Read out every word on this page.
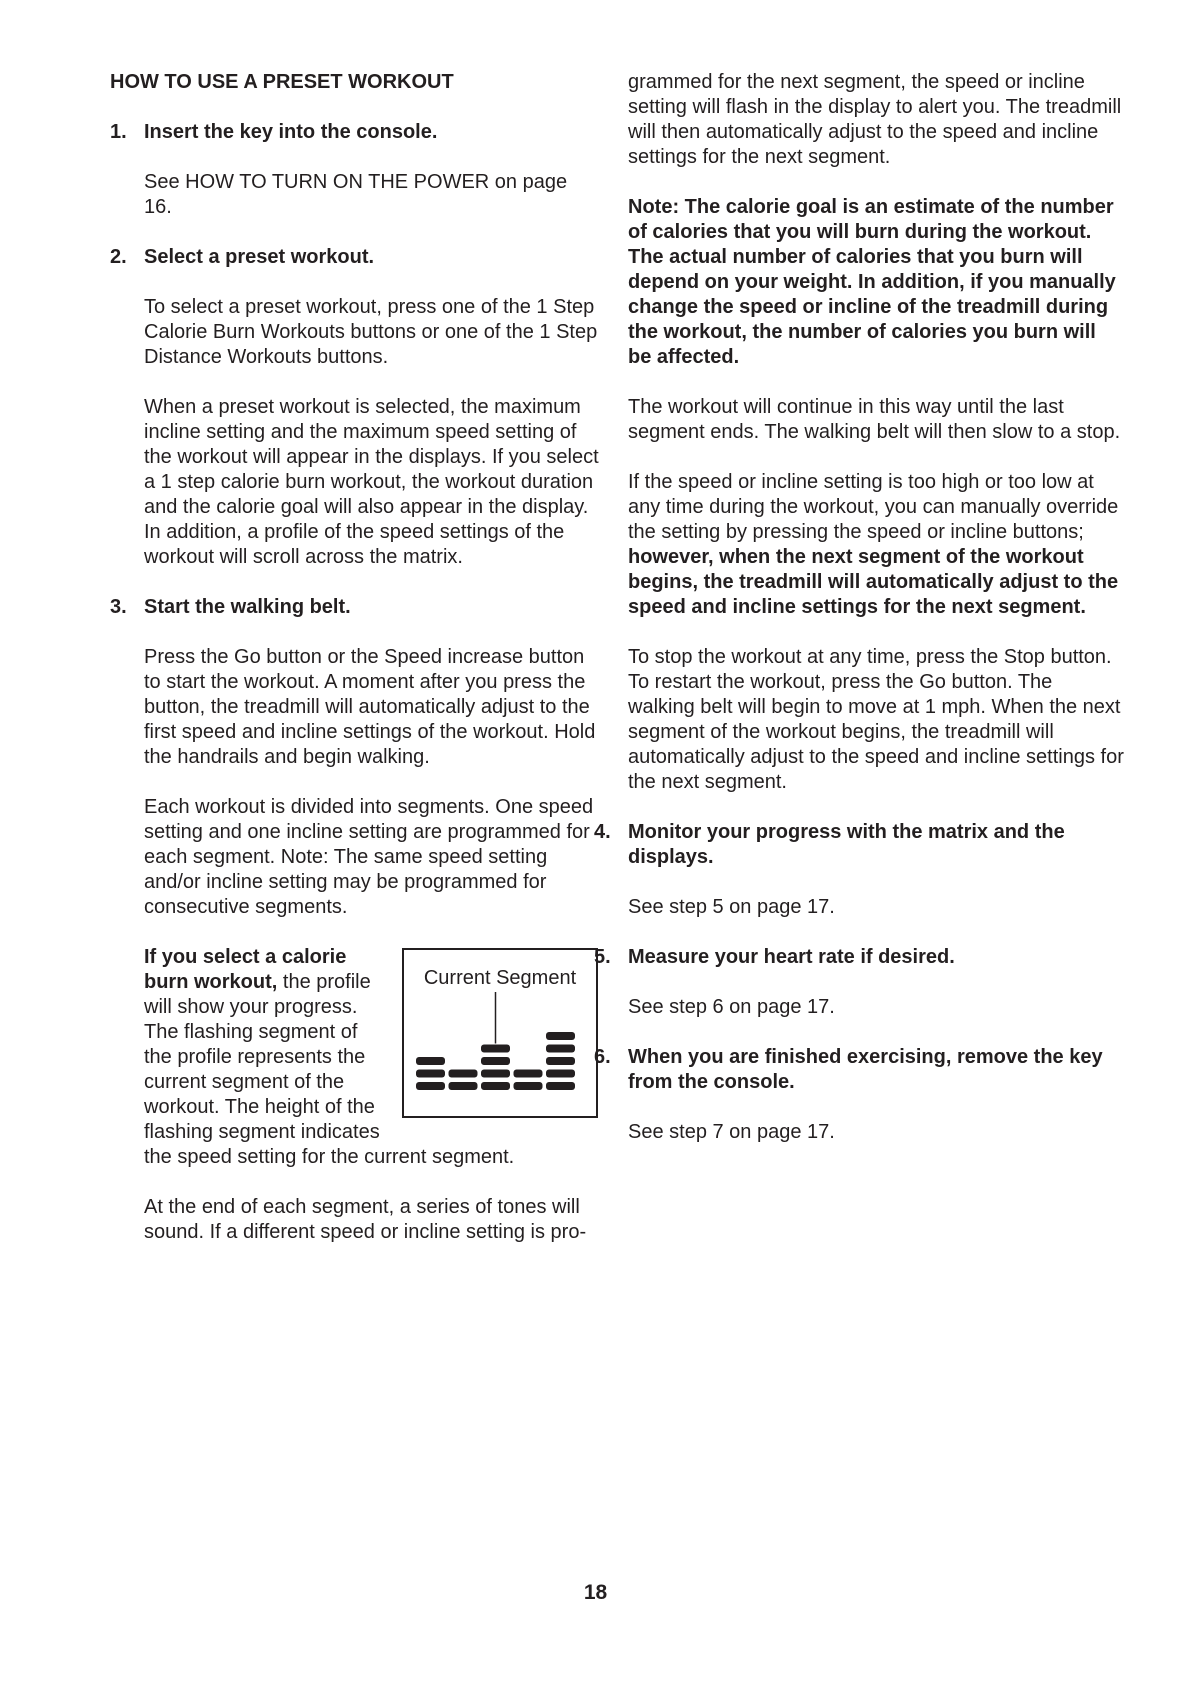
HOW TO USE A PRESET WORKOUT
1. Insert the key into the console.

See HOW TO TURN ON THE POWER on page 16.

2. Select a preset workout.

To select a preset workout, press one of the 1 Step Calorie Burn Workouts buttons or one of the 1 Step Distance Workouts buttons.

When a preset workout is selected, the maximum incline setting and the maximum speed setting of the workout will appear in the displays. If you select a 1 step calorie burn workout, the workout duration and the calorie goal will also appear in the display. In addition, a profile of the speed settings of the workout will scroll across the matrix.

3. Start the walking belt.

Press the Go button or the Speed increase button to start the workout. A moment after you press the button, the treadmill will automatically adjust to the first speed and incline settings of the workout. Hold the handrails and begin walking.

Each workout is divided into segments. One speed setting and one incline setting are programmed for each segment. Note: The same speed setting and/or incline setting may be programmed for consecutive segments.

Current Segment
If you select a calorie burn workout, the profile will show your progress. The flashing segment of the profile represents the current segment of the workout. The height of the flashing segment indicates the speed setting for the current segment.

At the end of each segment, a series of tones will sound. If a different speed or incline setting is pro-

grammed for the next segment, the speed or incline setting will flash in the display to alert you. The treadmill will then automatically adjust to the speed and incline settings for the next segment.

Note: The calorie goal is an estimate of the number of calories that you will burn during the workout. The actual number of calories that you burn will depend on your weight. In addition, if you manually change the speed or incline of the treadmill during the workout, the number of calories you burn will be affected.

The workout will continue in this way until the last segment ends. The walking belt will then slow to a stop.

If the speed or incline setting is too high or too low at any time during the workout, you can manually override the setting by pressing the speed or incline buttons; however, when the next segment of the workout begins, the treadmill will automatically adjust to the speed and incline settings for the next segment.

To stop the workout at any time, press the Stop button. To restart the workout, press the Go button. The walking belt will begin to move at 1 mph. When the next segment of the workout begins, the treadmill will automatically adjust to the speed and incline settings for the next segment.

4. Monitor your progress with the matrix and the displays.

See step 5 on page 17.

5. Measure your heart rate if desired.

See step 6 on page 17.

6. When you are finished exercising, remove the key from the console.

See step 7 on page 17.

18
